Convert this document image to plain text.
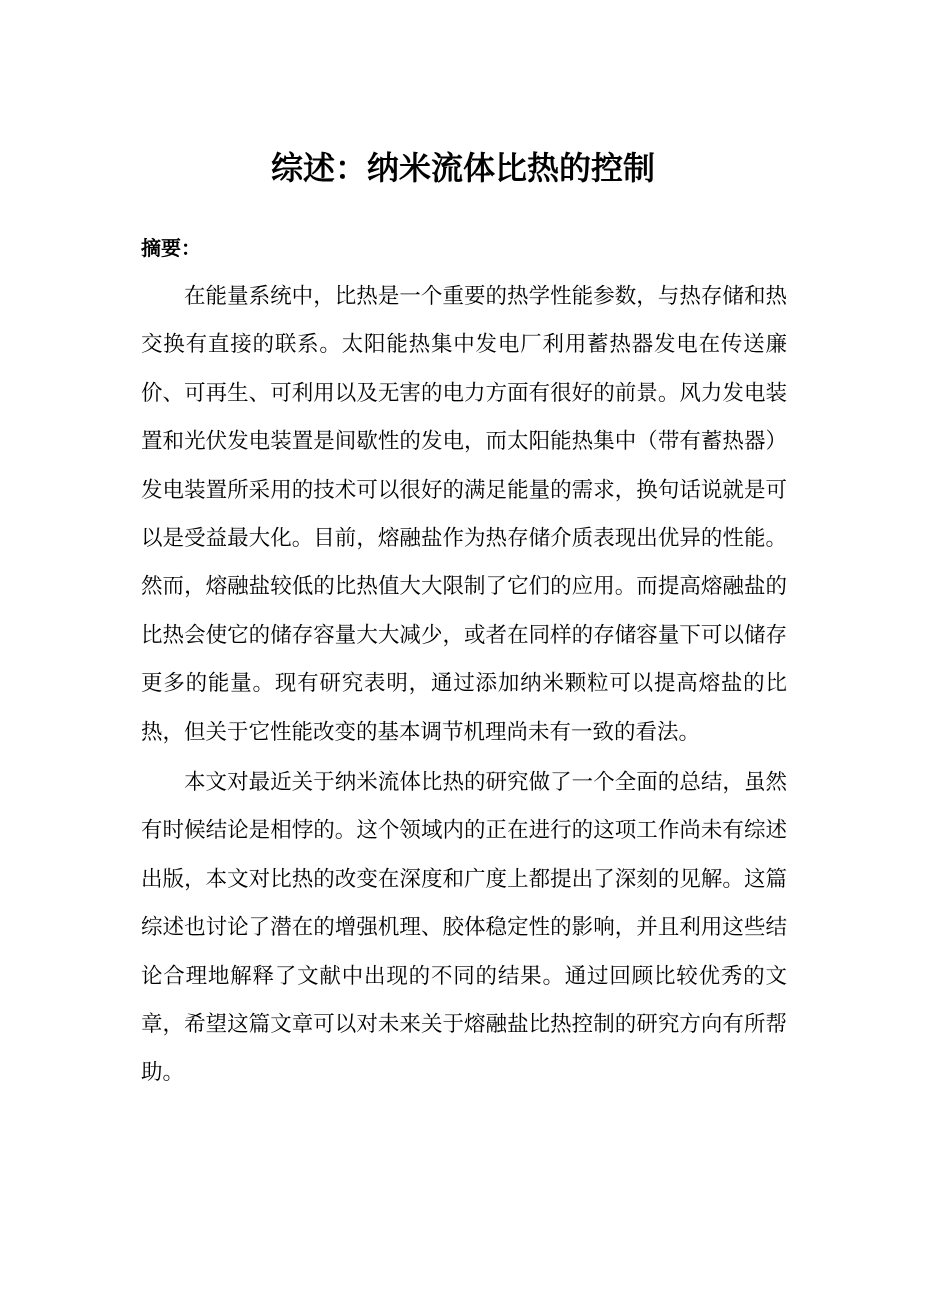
综述：纳米流体比热的控制

摘要：

在能量系统中，比热是一个重要的热学性能参数，与热存储和热交换有直接的联系。太阳能热集中发电厂利用蓄热器发电在传送廉价、可再生、可利用以及无害的电力方面有很好的前景。风力发电装置和光伏发电装置是间歇性的发电，而太阳能热集中（带有蓄热器）发电装置所采用的技术可以很好的满足能量的需求，换句话说就是可以是受益最大化。目前，熔融盐作为热存储介质表现出优异的性能。然而，熔融盐较低的比热值大大限制了它们的应用。而提高熔融盐的比热会使它的储存容量大大减少，或者在同样的存储容量下可以储存更多的能量。现有研究表明，通过添加纳米颗粒可以提高熔盐的比热，但关于它性能改变的基本调节机理尚未有一致的看法。

本文对最近关于纳米流体比热的研究做了一个全面的总结，虽然有时候结论是相悖的。这个领域内的正在进行的这项工作尚未有综述出版，本文对比热的改变在深度和广度上都提出了深刻的见解。这篇综述也讨论了潜在的增强机理、胶体稳定性的影响，并且利用这些结论合理地解释了文献中出现的不同的结果。通过回顾比较优秀的文章，希望这篇文章可以对未来关于熔融盐比热控制的研究方向有所帮助。
